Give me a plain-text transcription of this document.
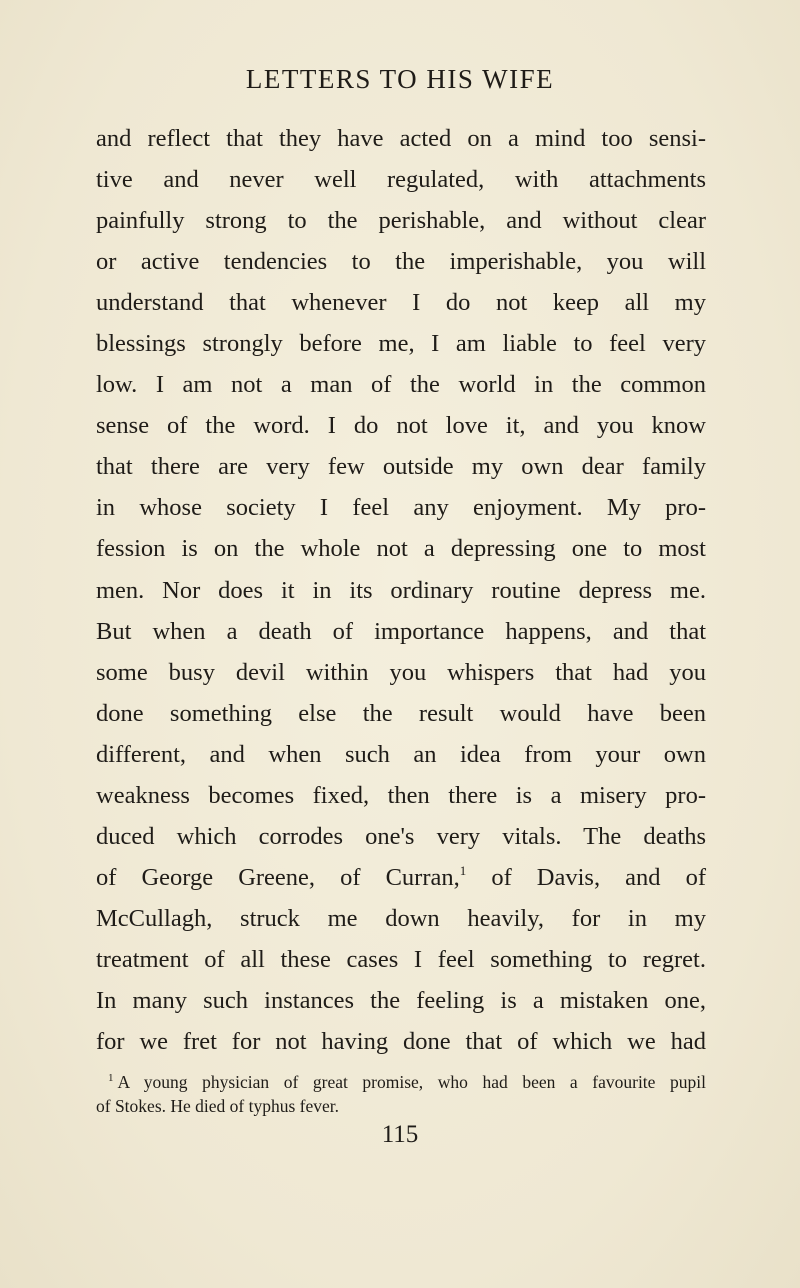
LETTERS TO HIS WIFE
and reflect that they have acted on a mind too sensi-
tive and never well regulated, with attachments
painfully strong to the perishable, and without clear
or active tendencies to the imperishable, you will
understand that whenever I do not keep all my
blessings strongly before me, I am liable to feel very
low. I am not a man of the world in the common
sense of the word. I do not love it, and you know
that there are very few outside my own dear family
in whose society I feel any enjoyment. My pro-
fession is on the whole not a depressing one to most
men. Nor does it in its ordinary routine depress me.
But when a death of importance happens, and that
some busy devil within you whispers that had you
done something else the result would have been
different, and when such an idea from your own
weakness becomes fixed, then there is a misery pro-
duced which corrodes one's very vitals. The deaths
of George Greene, of Curran,$^1$ of Davis, and of
McCullagh, struck me down heavily, for in my
treatment of all these cases I feel something to regret.
In many such instances the feeling is a mistaken one,
for we fret for not having done that of which we had
$^1$ A young physician of great promise, who had been a favourite pupil
of Stokes. He died of typhus fever.
115
